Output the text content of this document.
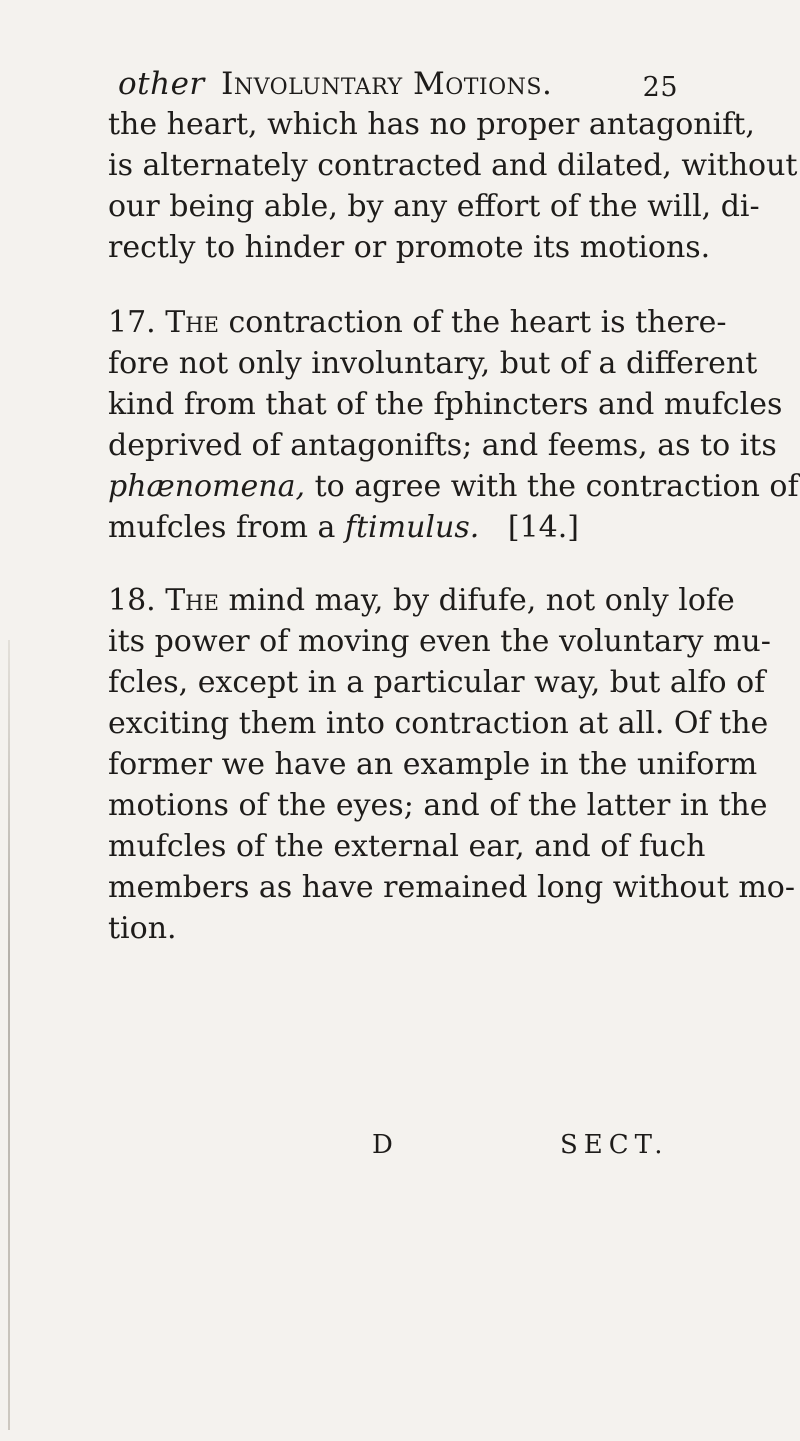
other Involuntary Motions.	25
the heart, which has no proper antagonift,
is alternately contracted and dilated, without
our being able, by any effort of the will, di-
rectly to hinder or promote its motions.
17. The contraction of the heart is there-
fore not only involuntary, but of a different
kind from that of the fphincters and mufcles
deprived of antagonifts; and feems, as to its
phænomena, to agree with the contraction of
mufcles from a ftimulus. [14.]
18. The mind may, by difufe, not only lofe
its power of moving even the voluntary mu-
fcles, except in a particular way, but alfo of
exciting them into contraction at all. Of the
former we have an example in the uniform
motions of the eyes; and of the latter in the
mufcles of the external ear, and of fuch
members as have remained long without mo-
tion.
D	SECT.
